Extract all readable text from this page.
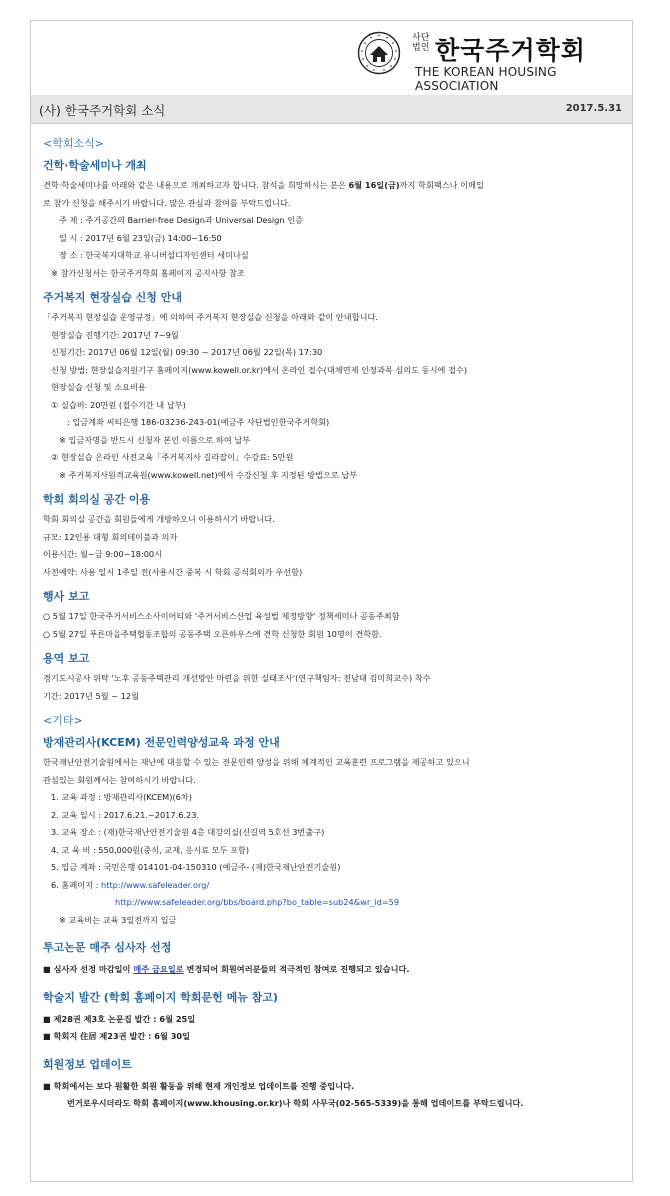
사단
법인 한국주거학회
THE KOREAN HOUSING ASSOCIATION
(사) 한국주거학회 소식	2017.5.31
<학회소식>
건학·학술세미나 개최
견학·학술세미나를 아래와 같은 내용으로 개최하고자 합니다. 참석을 희망하시는 분은 6월 16일(금)까지 학회팩스나 이메일
로 참가 신청을 해주시기 바랍니다. 많은 관심과 참여를 부탁드립니다.
주 제 : 주거공간의 Barrier-free Design과 Universal Design 인증
일 시 : 2017년 6월 23일(금) 14:00~16:50
장 소 : 한국복지대학교 유니버설디자인센터 세미나실
※ 참가신청서는 한국주거학회 홈페이지 공지사항 참조
주거복지 현장실습 신청 안내
「주거복지 현장실습 운영규정」에 의하여 주거복지 현장실습 신청을 아래와 같이 안내합니다.
현장실습 진행기간: 2017년 7~9월
신청기간: 2017년 06월 12일(월) 09:30 ~ 2017년 06월 22일(목) 17:30
신청 방법: 현장실습지원기구 홈페이지(www.kowell.or.kr)에서 온라인 접수(대체면제 인정과목 심의도 동시에 접수)
현장실습 신청 및 소요비용
① 실습비: 20만원 (접수기간 내 납부)
: 입금계좌 씨티은행 186-03236-243-01(예금주 사단법인한국주거학회)
※ 입금자명을 반드시 신청자 본인 이름으로 하여 납부
② 현장실습 온라인 사전교육「주거복지사 길라잡이」수강료: 5만원
※ 주거복지사원격교육원(www.kowell.net)에서 수강신청 후 지정된 방법으로 납부
학회 회의실 공간 이용
학회 회의실 공간을 회원들에게 개방하오니 이용하시기 바랍니다.
규모: 12인용 대형 회의테이블과 의자
이용시간: 월~금 9:00~18:00시
사전예약: 사용 일시 1주일 전(사용시간 중복 시 학회 공식회의가 우선함)
행사 보고
○ 5월 17일 한국주거서비스소사이어티와 '주거서비스산업 육성법 제정방향' 정책세미나 공동주최함
○ 5월 27일 푸른마을주택협동조합의 공동주택 오픈하우스에 견학 신청한 회원 10명이 견학함.
용역 보고
경기도시공사 위탁 '노후 공동주택관리 개선방안 마련을 위한 실태조사'(연구책임자: 전남대 김미희교수) 착수
기간: 2017년 5월 ~ 12월
<기타>
방재관리사(KCEM) 전문인력양성교육 과정 안내
한국재난안전기술원에서는 재난에 대응할 수 있는 전문인력 양성을 위해 체계적인 교육훈련 프로그램을 제공하고 있으니
관심있는 회원께서는 참여하시기 바랍니다.
1. 교육 과정 : 방재관리사(KCEM)(6차)
2. 교육 일시 : 2017.6.21.~2017.6.23.
3. 교육 장소 : (재)한국재난안전기술원 4층 대강의실(신길역 5호선 3번출구)
4. 교 육 비 : 550,000원(중식, 교재, 응시료 모두 포함)
5. 입금 계좌 : 국민은행 014101-04-150310 (예금주- (재)한국재난안전기술원)
6. 홈페이지 : http://www.safeleader.org/
http://www.safeleader.org/bbs/board.php?bo_table=sub24&wr_id=59
※ 교육비는 교육 3일전까지 입금
투고논문 매주 심사자 선정
■ 심사자 선정 마감일이 매주 금요일로 변경되어 회원여러분들의 적극적인 참여로 진행되고 있습니다.
학술지 발간 (학회 홈페이지 학회문헌 메뉴 참고)
■ 제28권 제3호 논문집 발간 : 6월 25일
■ 학회지 住居 제23권 발간 : 6월 30일
회원정보 업데이트
■ 학회에서는 보다 원활한 회원 활동을 위해 현재 개인정보 업데이트를 진행 중입니다.
번거로우시더라도 학회 홈페이지(www.khousing.or.kr)나 학회 사무국(02-565-5339)을 통해 업데이트를 부탁드립니다.
